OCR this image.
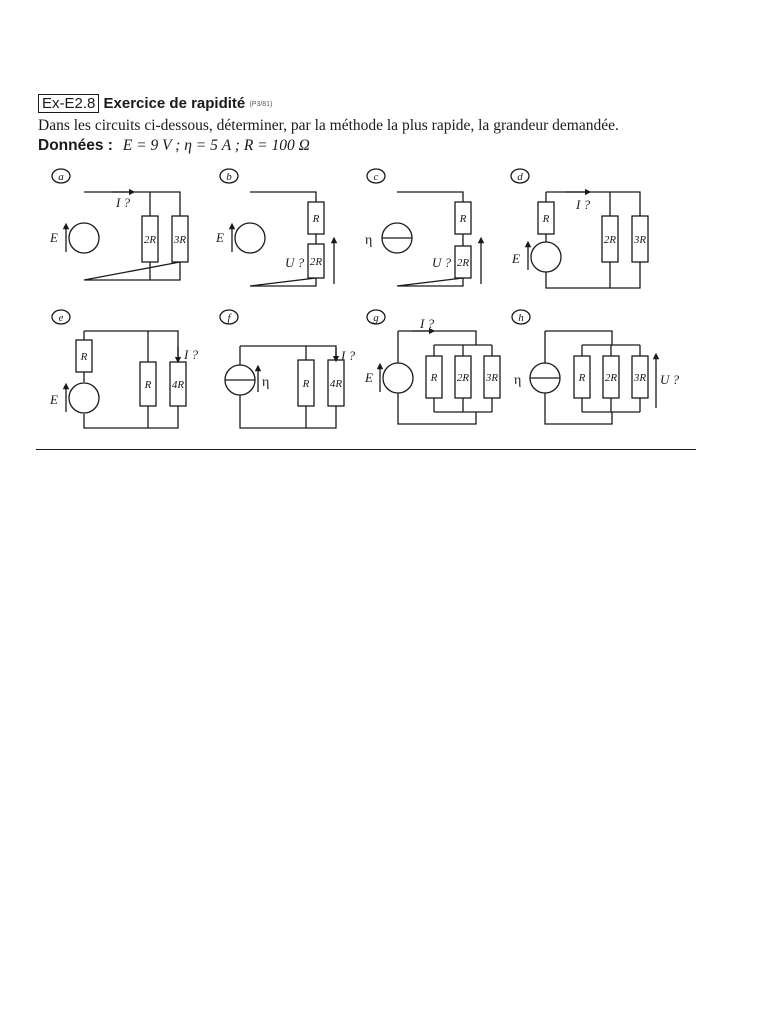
Ex-E2.8 Exercice de rapidité (P3/81)
Dans les circuits ci-dessous, déterminer, par la méthode la plus rapide, la grandeur demandée.
Données : E = 9 V ; η = 5 A ; R = 100 Ω
a
E	2R 3R
I ?
b
E
R
2R
U ?
c
η
R
2R
U ?
d
R
E
2R 3R
I ?
e
R
E
R 4R
I ?
f
η	R 4R
I ?
g
E	R 2R 3R
I ?	h
η	R 2R 3R U ?
